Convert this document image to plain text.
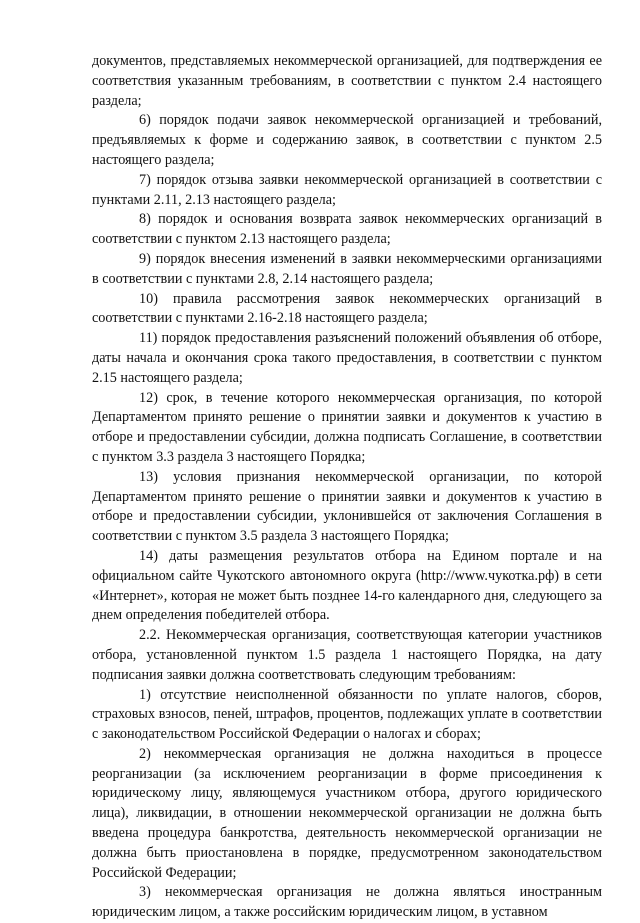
документов, представляемых некоммерческой организацией, для подтверждения ее соответствия указанным требованиям, в соответствии с пунктом 2.4 настоящего раздела;

6) порядок подачи заявок некоммерческой организацией и требований, предъявляемых к форме и содержанию заявок, в соответствии с пунктом 2.5 настоящего раздела;

7) порядок отзыва заявки некоммерческой организацией в соответствии с пунктами 2.11, 2.13 настоящего раздела;

8) порядок и основания возврата заявок некоммерческих организаций в соответствии с пунктом 2.13 настоящего раздела;

9) порядок внесения изменений в заявки некоммерческими организациями в соответствии с пунктами 2.8, 2.14 настоящего раздела;

10) правила рассмотрения заявок некоммерческих организаций в соответствии с пунктами 2.16-2.18 настоящего раздела;

11) порядок предоставления разъяснений положений объявления об отборе, даты начала и окончания срока такого предоставления, в соответствии с пунктом 2.15 настоящего раздела;

12) срок, в течение которого некоммерческая организация, по которой Департаментом принято решение о принятии заявки и документов к участию в отборе и предоставлении субсидии, должна подписать Соглашение, в соответствии с пунктом 3.3 раздела 3 настоящего Порядка;

13) условия признания некоммерческой организации, по которой Департаментом принято решение о принятии заявки и документов к участию в отборе и предоставлении субсидии, уклонившейся от заключения Соглашения в соответствии с пунктом 3.5 раздела 3 настоящего Порядка;

14) даты размещения результатов отбора на Едином портале и на официальном сайте Чукотского автономного округа (http://www.чукотка.рф) в сети «Интернет», которая не может быть позднее 14-го календарного дня, следующего за днем определения победителей отбора.

2.2. Некоммерческая организация, соответствующая категории участников отбора, установленной пунктом 1.5 раздела 1 настоящего Порядка, на дату подписания заявки должна соответствовать следующим требованиям:

1) отсутствие неисполненной обязанности по уплате налогов, сборов, страховых взносов, пеней, штрафов, процентов, подлежащих уплате в соответствии с законодательством Российской Федерации о налогах и сборах;

2) некоммерческая организация не должна находиться в процессе реорганизации (за исключением реорганизации в форме присоединения к юридическому лицу, являющемуся участником отбора, другого юридического лица), ликвидации, в отношении некоммерческой организации не должна быть введена процедура банкротства, деятельность некоммерческой организации не должна быть приостановлена в порядке, предусмотренном законодательством Российской Федерации;

3) некоммерческая организация не должна являться иностранным юридическим лицом, а также российским юридическим лицом, в уставном
